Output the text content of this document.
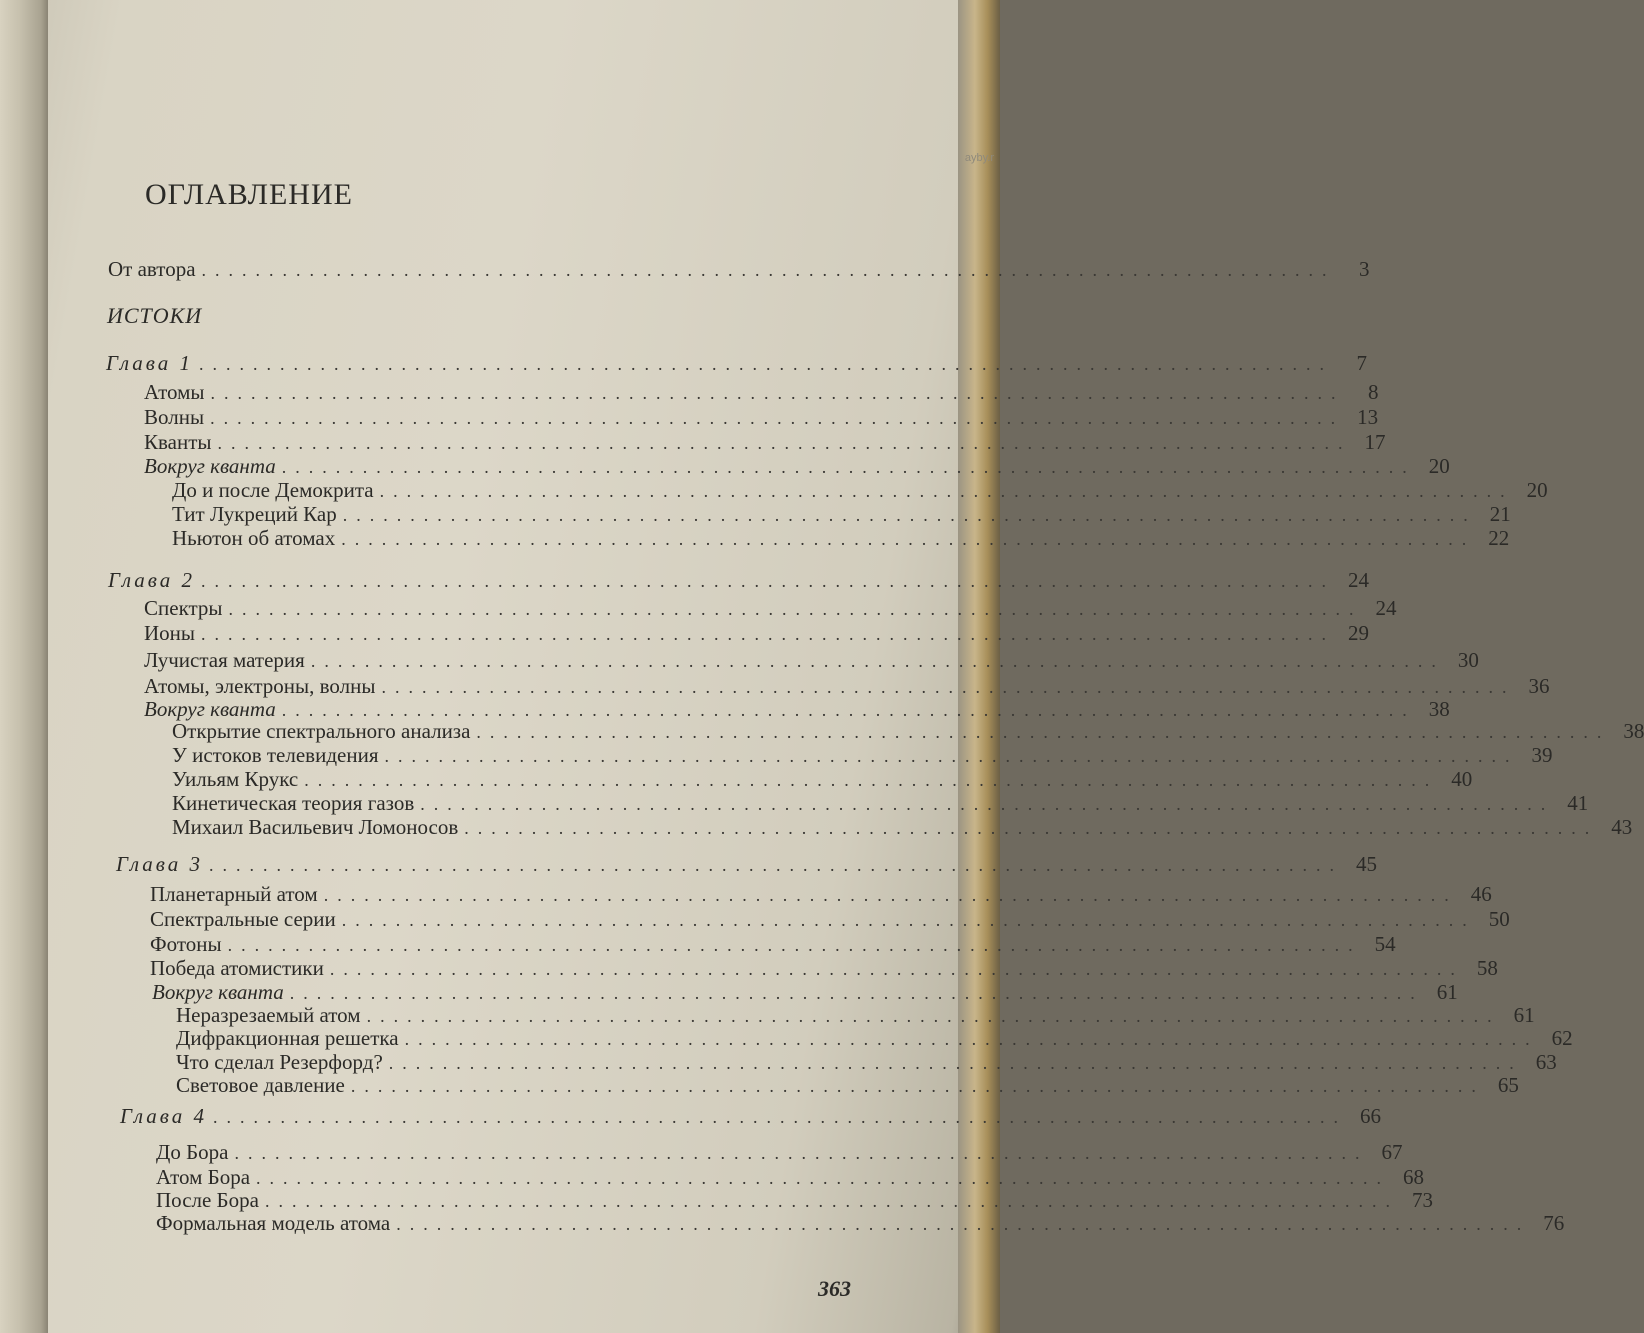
ayby.r
ОГЛАВЛЕНИЕ
ИСТОКИ
От автора ....................................................................................	3
Глава 1 ....................................................................................	7
Атомы ....................................................................................	8
Волны .................................................................................... 13
Кванты .................................................................................... 17
Вокруг кванта .................................................................................... 20
До и после Демокрита .................................................................................... 20
Тит Лукреций Кар .................................................................................... 21
Ньютон об атомах .................................................................................... 22
Глава 2 .................................................................................... 24
Спектры .................................................................................... 24
Ионы .................................................................................... 29
Лучистая материя .................................................................................... 30
Атомы, электроны, волны .................................................................................... 36
Вокруг кванта .................................................................................... 38
Открытие спектрального анализа .................................................................................... 38
У истоков телевидения .................................................................................... 39
Уильям Крукс .................................................................................... 40
Кинетическая теория газов .................................................................................... 41
Михаил Васильевич Ломоносов .................................................................................... 43
Глава 3 .................................................................................... 45
Планетарный атом .................................................................................... 46
Спектральные серии .................................................................................... 50
Фотоны .................................................................................... 54
Победа атомистики .................................................................................... 58
Вокруг кванта .................................................................................... 61
Неразрезаемый атом .................................................................................... 61
Дифракционная решетка .................................................................................... 62
Что сделал Резерфорд? .................................................................................... 63
Световое давление .................................................................................... 65
Глава 4 .................................................................................... 66
До Бора .................................................................................... 67
Атом Бора .................................................................................... 68
После Бора .................................................................................... 73
Формальная модель атома .................................................................................... 76
363
